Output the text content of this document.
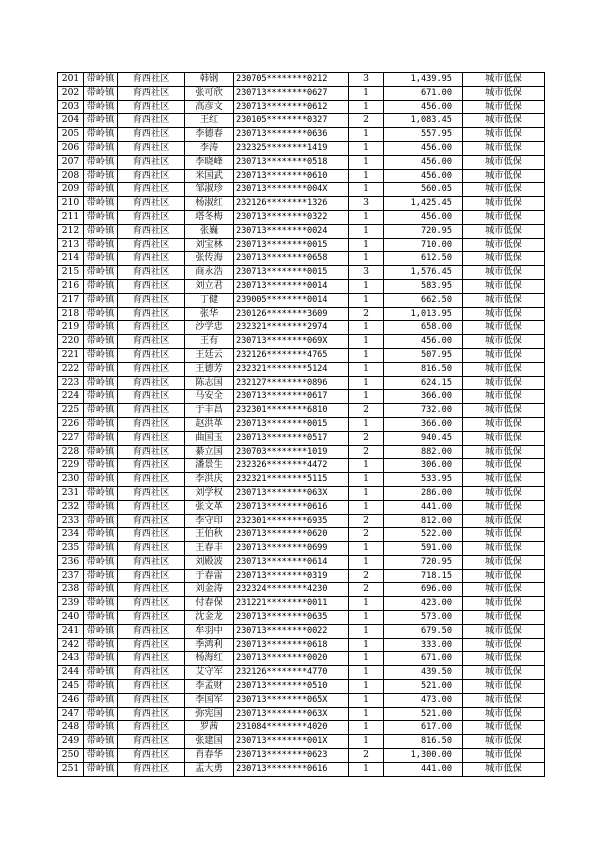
201	带岭镇	育西社区	韩钢	230705********0212	3	1,439.95	城市低保
202	带岭镇	育西社区	张可欣	230713********0627	1	671.00	城市低保
203	带岭镇	育西社区	高彦文	230713********0612	1	456.00	城市低保
204	带岭镇	育西社区	王红	230105********0327	2	1,083.45	城市低保
205	带岭镇	育西社区	李德春	230713********0636	1	557.95	城市低保
206	带岭镇	育西社区	李涛	232325********1419	1	456.00	城市低保
207	带岭镇	育西社区	李晓峰	230713********0518	1	456.00	城市低保
208	带岭镇	育西社区	米国武	230713********0610	1	456.00	城市低保
209	带岭镇	育西社区	邹淑珍	230713********004X	1	560.05	城市低保
210	带岭镇	育西社区	杨淑红	232126********1326	3	1,425.45	城市低保
211	带岭镇	育西社区	塔冬梅	230713********0322	1	456.00	城市低保
212	带岭镇	育西社区	张巍	230713********0024	1	720.95	城市低保
213	带岭镇	育西社区	刘宝林	230713********0015	1	710.00	城市低保
214	带岭镇	育西社区	张传海	230713********0658	1	612.50	城市低保
215	带岭镇	育西社区	商永浩	230713********0015	3	1,576.45	城市低保
216	带岭镇	育西社区	刘立君	230713********0014	1	583.95	城市低保
217	带岭镇	育西社区	丁健	239005********0014	1	662.50	城市低保
218	带岭镇	育西社区	张华	230126********3609	2	1,013.95	城市低保
219	带岭镇	育西社区	沙学忠	232321********2974	1	658.00	城市低保
220	带岭镇	育西社区	王有	230713********069X	1	456.00	城市低保
221	带岭镇	育西社区	王廷云	232126********4765	1	507.95	城市低保
222	带岭镇	育西社区	王德芳	232321********5124	1	816.50	城市低保
223	带岭镇	育西社区	陈志国	232127********0896	1	624.15	城市低保
224	带岭镇	育西社区	马安全	230713********0617	1	366.00	城市低保
225	带岭镇	育西社区	于丰昌	232301********6810	2	732.00	城市低保
226	带岭镇	育西社区	赵洪革	230713********0015	1	366.00	城市低保
227	带岭镇	育西社区	曲国玉	230713********0517	2	940.45	城市低保
228	带岭镇	育西社区	綦立国	230703********1019	2	882.00	城市低保
229	带岭镇	育西社区	潘景生	232326********4472	1	306.00	城市低保
230	带岭镇	育西社区	李洪庆	232321********5115	1	533.95	城市低保
231	带岭镇	育西社区	刘学权	230713********063X	1	286.00	城市低保
232	带岭镇	育西社区	张文革	230713********0616	1	441.00	城市低保
233	带岭镇	育西社区	李守印	232301********6935	2	812.00	城市低保
234	带岭镇	育西社区	王伯秋	230713********0620	2	522.00	城市低保
235	带岭镇	育西社区	王春丰	230713********0699	1	591.00	城市低保
236	带岭镇	育西社区	刘殿波	230713********0614	1	720.95	城市低保
237	带岭镇	育西社区	于春雷	230713********0319	2	718.15	城市低保
238	带岭镇	育西社区	刘金涛	232324********4230	2	696.00	城市低保
239	带岭镇	育西社区	付春保	231221********0011	1	423.00	城市低保
240	带岭镇	育西社区	沈金龙	230713********0635	1	573.00	城市低保
241	带岭镇	育西社区	牟羽中	230713********0022	1	679.50	城市低保
242	带岭镇	育西社区	季鸿利	230713********0618	1	333.00	城市低保
243	带岭镇	育西社区	杨海红	230713********0020	1	671.00	城市低保
244	带岭镇	育西社区	艾守军	232126********4770	1	439.50	城市低保
245	带岭镇	育西社区	李孟财	230713********0510	1	521.00	城市低保
246	带岭镇	育西社区	李国军	230713********065X	1	473.00	城市低保
247	带岭镇	育西社区	弥宪国	230713********063X	1	521.00	城市低保
248	带岭镇	育西社区	罗茜	231084********4020	1	617.00	城市低保
249	带岭镇	育西社区	张建国	230713********001X	1	816.50	城市低保
250	带岭镇	育西社区	肖春华	230713********0623	2	1,300.00	城市低保
251	带岭镇	育西社区	盂大勇	230713********0616	1	441.00	城市低保
